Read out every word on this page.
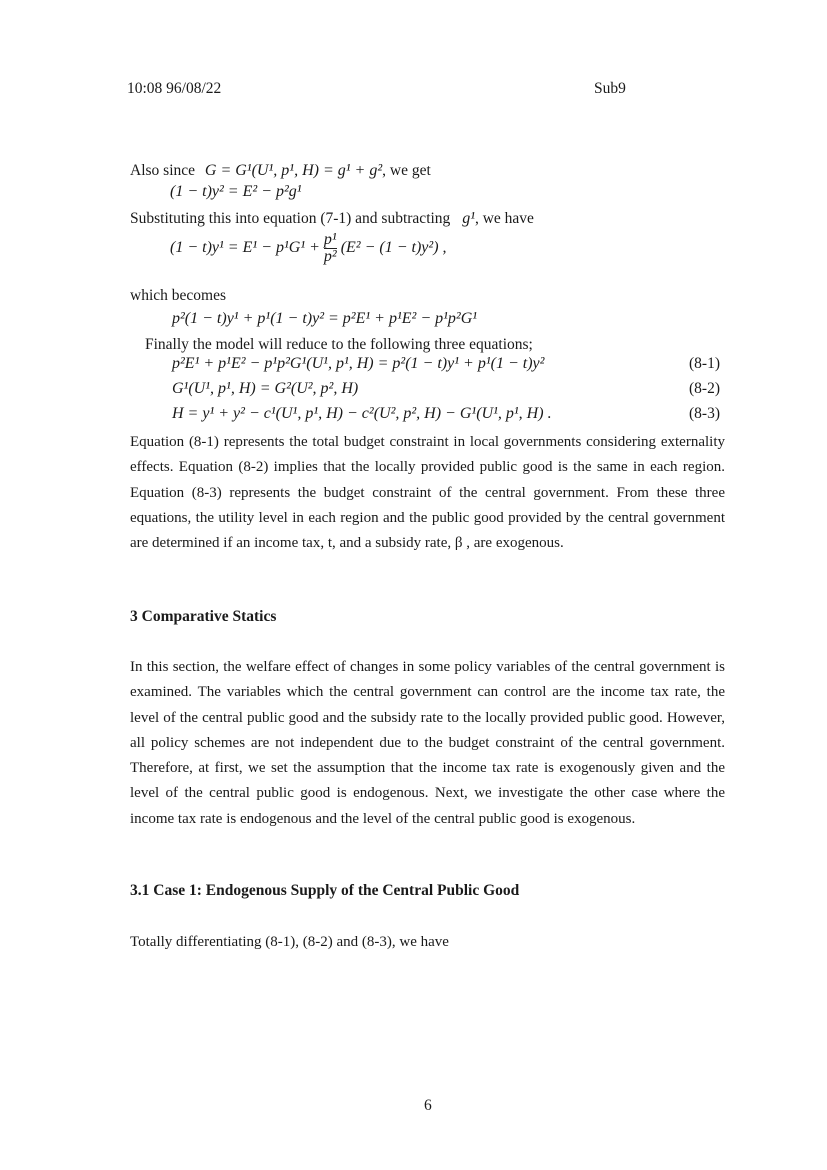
10:08 96/08/22	Sub9
Also since G = G¹(U¹, p¹, H) = g¹ + g², we get
(1 − t)y² = E² − p²g¹
Substituting this into equation (7-1) and subtracting g¹, we have
$(1 - t)y^1 = E^1 - p^1G^1 + \frac{\text{p¹}}{\text{p²}} (E^2 - (1 - t)y^2)$ ,
which becomes
p²(1 − t)y¹ + p¹(1 − t)y² = p²E¹ + p¹E² − p¹p²G¹
Finally the model will reduce to the following three equations;
p²E¹ + p¹E² − p¹p²G¹(U¹, p¹, H) = p²(1 − t)y¹ + p¹(1 − t)y²	(8-1)
G¹(U¹, p¹, H) = G²(U², p², H)	(8-2)
H = y¹ + y² − c¹(U¹, p¹, H) − c²(U², p², H) − G¹(U¹, p¹, H) .	(8-3)
Equation (8-1) represents the total budget constraint in local governments considering externality effects. Equation (8-2) implies that the locally provided public good is the same in each region. Equation (8-3) represents the budget constraint of the central government. From these three equations, the utility level in each region and the public good provided by the central government are determined if an income tax, t, and a subsidy rate, β , are exogenous.
3 Comparative Statics
In this section, the welfare effect of changes in some policy variables of the central government is examined. The variables which the central government can control are the income tax rate, the level of the central public good and the subsidy rate to the locally provided public good. However, all policy schemes are not independent due to the budget constraint of the central government. Therefore, at first, we set the assumption that the income tax rate is exogenously given and the level of the central public good is endogenous. Next, we investigate the other case where the income tax rate is endogenous and the level of the central public good is exogenous.
3.1 Case 1: Endogenous Supply of the Central Public Good
Totally differentiating (8-1), (8-2) and (8-3), we have
6
